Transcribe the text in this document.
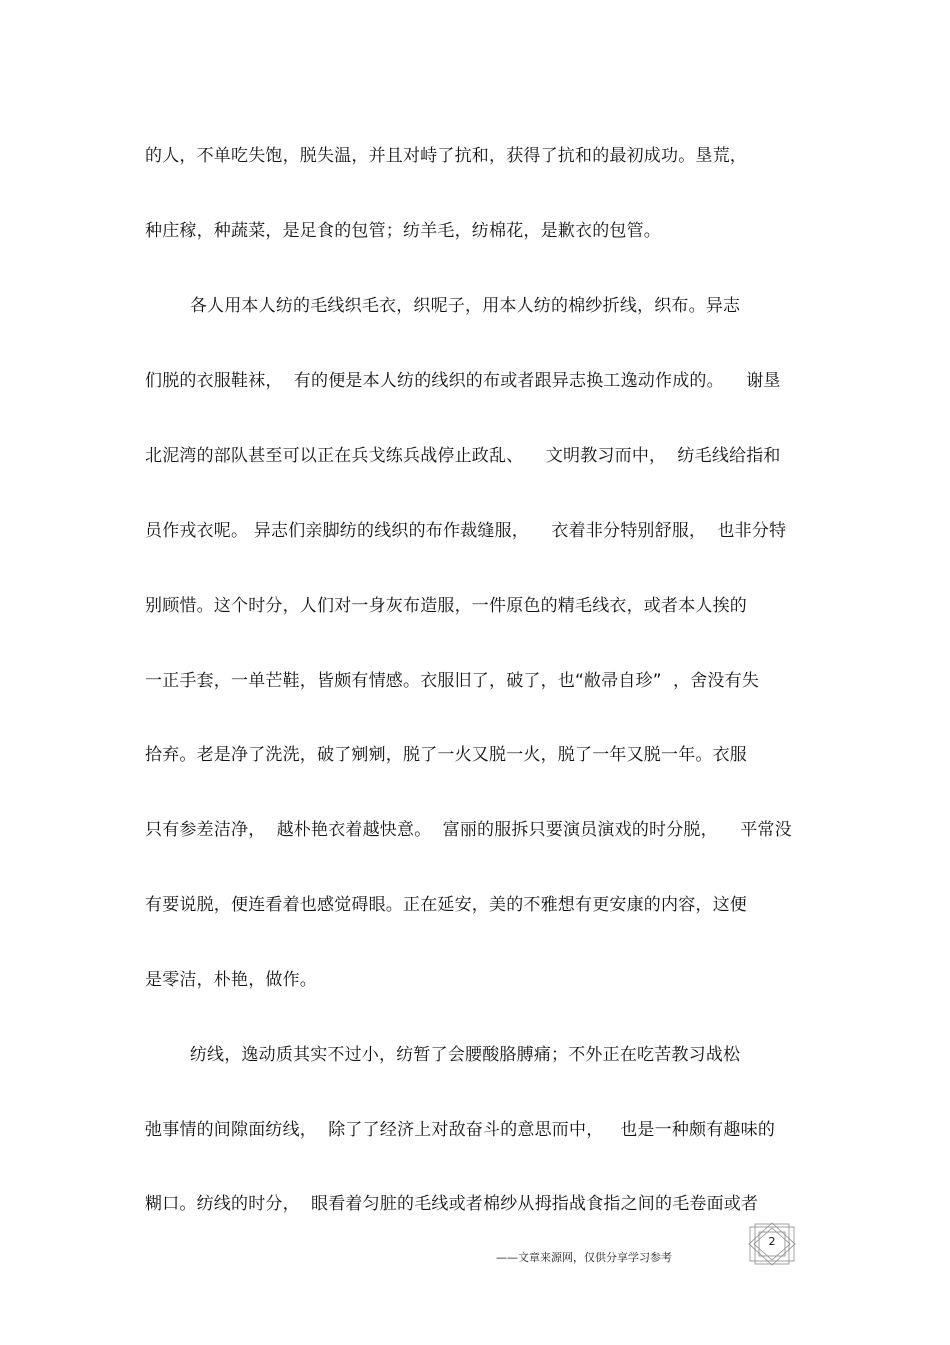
的人，不单吃失饱，脱失温，并且对峙了抗和，获得了抗和的最初成功。垦荒，
种庄稼，种蔬菜，是足食的包管；纺羊毛，纺棉花，是歉衣的包管。
各人用本人纺的毛线织毛衣，织呢子，用本人纺的棉纱折线，织布。异志
们脱的衣服鞋袜，  有的便是本人纺的线织的布或者跟异志换工逸动作成的。    谢垦
北泥湾的部队甚至可以正在兵戈练兵战停止政乱、    文明教习而中，  纺毛线给指和
员作戎衣呢。 异志们亲脚纺的线织的布作裁缝服，    衣着非分特别舒服，  也非分特
别顾惜。这个时分，人们对一身灰布造服，一件原色的精毛线衣，或者本人挨的
一正手套，一单芒鞋，皆颇有情感。衣服旧了，破了，也“敝帚自珍”  ，舍没有失
拾弃。老是净了洗洗，破了剜剜，脱了一火又脱一火，脱了一年又脱一年。衣服
只有参差洁净，  越朴艳衣着越快意。  富丽的服拆只要演员演戏的时分脱，    平常没
有要说脱，便连看着也感觉碍眼。正在延安，美的不雅想有更安康的内容，这便
是零洁，朴艳，做作。
纺线，逸动质其实不过小，纺暂了会腰酸胳膊痛；不外正在吃苦教习战松
弛事情的间隙面纺线，  除了了经济上对敌奋斗的意思而中，   也是一种颇有趣味的
糊口。纺线的时分，  眼看着匀脏的毛线或者棉纱从拇指战食指之间的毛卷面或者
——文章来源网，仅供分享学习参考
2
